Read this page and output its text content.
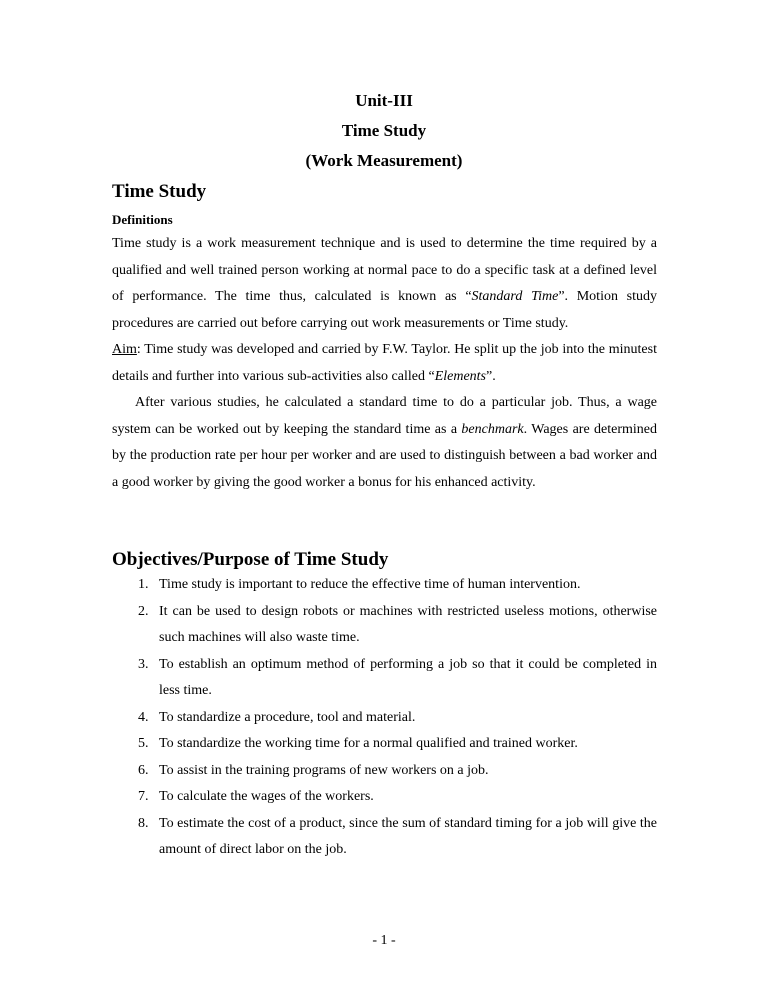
Unit-III
Time Study
(Work Measurement)
Time Study
Definitions
Time study is a work measurement technique and is used to determine the time required by a qualified and well trained person working at normal pace to do a specific task at a defined level of performance. The time thus, calculated is known as “Standard Time”. Motion study procedures are carried out before carrying out work measurements or Time study.
Aim: Time study was developed and carried by F.W. Taylor. He split up the job into the minutest details and further into various sub-activities also called “Elements”.
After various studies, he calculated a standard time to do a particular job. Thus, a wage system can be worked out by keeping the standard time as a benchmark. Wages are determined by the production rate per hour per worker and are used to distinguish between a bad worker and a good worker by giving the good worker a bonus for his enhanced activity.
Objectives/Purpose of Time Study
1. Time study is important to reduce the effective time of human intervention.
2. It can be used to design robots or machines with restricted useless motions, otherwise such machines will also waste time.
3. To establish an optimum method of performing a job so that it could be completed in less time.
4. To standardize a procedure, tool and material.
5. To standardize the working time for a normal qualified and trained worker.
6. To assist in the training programs of new workers on a job.
7. To calculate the wages of the workers.
8. To estimate the cost of a product, since the sum of standard timing for a job will give the amount of direct labor on the job.
- 1 -
